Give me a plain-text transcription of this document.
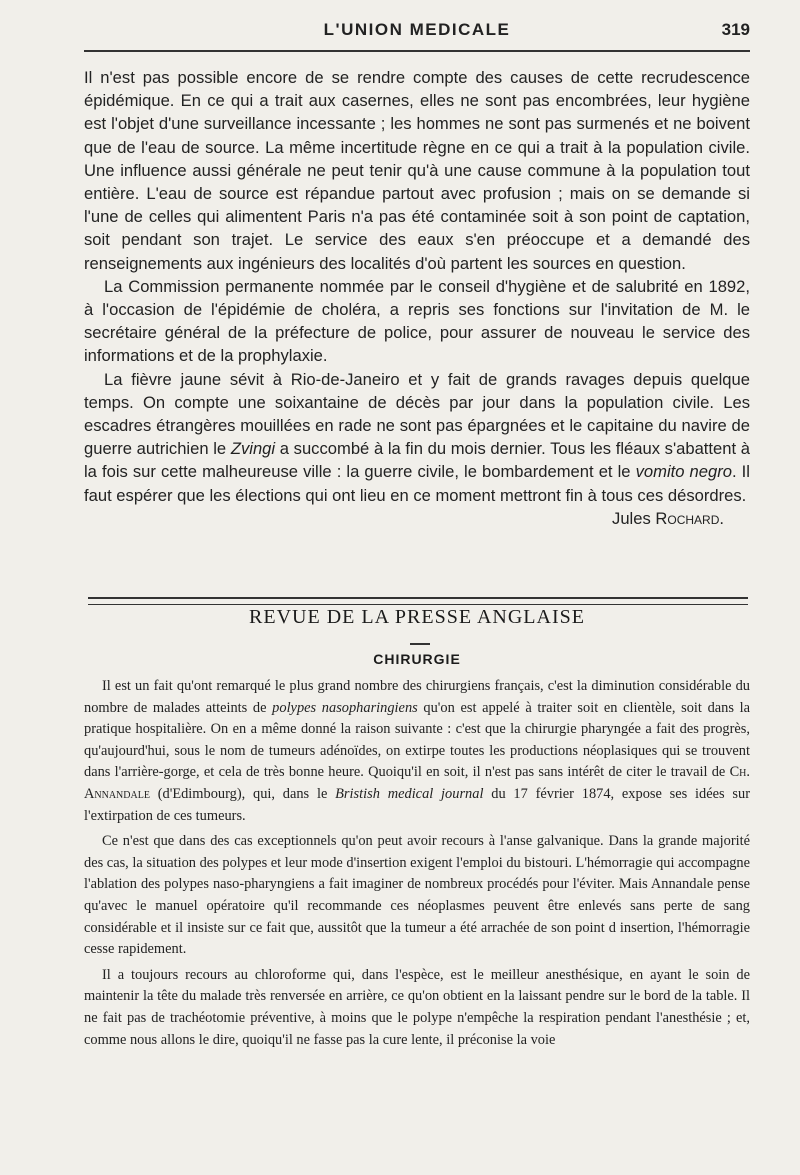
L'UNION MEDICALE	319

Il n'est pas possible encore de se rendre compte des causes de cette recrudescence épidémique. En ce qui a trait aux casernes, elles ne sont pas encombrées, leur hygiène est l'objet d'une surveillance incessante ; les hommes ne sont pas surmenés et ne boivent que de l'eau de source. La même incertitude règne en ce qui a trait à la population civile. Une influence aussi générale ne peut tenir qu'à une cause commune à la population tout entière. L'eau de source est répandue partout avec profusion ; mais on se demande si l'une de celles qui alimentent Paris n'a pas été contaminée soit à son point de captation, soit pendant son trajet. Le service des eaux s'en préoccupe et a demandé des renseignements aux ingénieurs des localités d'où partent les sources en question.

La Commission permanente nommée par le conseil d'hygiène et de salubrité en 1892, à l'occasion de l'épidémie de choléra, a repris ses fonctions sur l'invitation de M. le secrétaire général de la préfecture de police, pour assurer de nouveau le service des informations et de la prophylaxie.

La fièvre jaune sévit à Rio-de-Janeiro et y fait de grands ravages depuis quelque temps. On compte une soixantaine de décès par jour dans la population civile. Les escadres étrangères mouillées en rade ne sont pas épargnées et le capitaine du navire de guerre autrichien le Zvingi a succombé à la fin du mois dernier. Tous les fléaux s'abattent à la fois sur cette malheureuse ville : la guerre civile, le bombardement et le vomito negro. Il faut espérer que les élections qui ont lieu en ce moment mettront fin à tous ces désordres.

Jules Rochard.
REVUE DE LA PRESSE ANGLAISE
CHIRURGIE

Il est un fait qu'ont remarqué le plus grand nombre des chirurgiens français, c'est la diminution considérable du nombre de malades atteints de polypes nasopharingiens qu'on est appelé à traiter soit en clientèle, soit dans la pratique hospitalière. On en a même donné la raison suivante : c'est que la chirurgie pharyngée a fait des progrès, qu'aujourd'hui, sous le nom de tumeurs adénoïdes, on extirpe toutes les productions néoplasiques qui se trouvent dans l'arrière-gorge, et cela de très bonne heure. Quoiqu'il en soit, il n'est pas sans intérêt de citer le travail de Ch. Annandale (d'Edimbourg), qui, dans le Bristish medical journal du 17 février 1874, expose ses idées sur l'extirpation de ces tumeurs.

Ce n'est que dans des cas exceptionnels qu'on peut avoir recours à l'anse galvanique. Dans la grande majorité des cas, la situation des polypes et leur mode d'insertion exigent l'emploi du bistouri. L'hémorragie qui accompagne l'ablation des polypes naso-pharyngiens a fait imaginer de nombreux procédés pour l'éviter. Mais Annandale pense qu'avec le manuel opératoire qu'il recommande ces néoplasmes peuvent être enlevés sans perte de sang considérable et il insiste sur ce fait que, aussitôt que la tumeur a été arrachée de son point d insertion, l'hémorragie cesse rapidement.

Il a toujours recours au chloroforme qui, dans l'espèce, est le meilleur anesthésique, en ayant le soin de maintenir la tête du malade très renversée en arrière, ce qu'on obtient en la laissant pendre sur le bord de la table. Il ne fait pas de trachéotomie préventive, à moins que le polype n'empêche la respiration pendant l'anesthésie ; et, comme nous allons le dire, quoiqu'il ne fasse pas la cure lente, il préconise la voie
